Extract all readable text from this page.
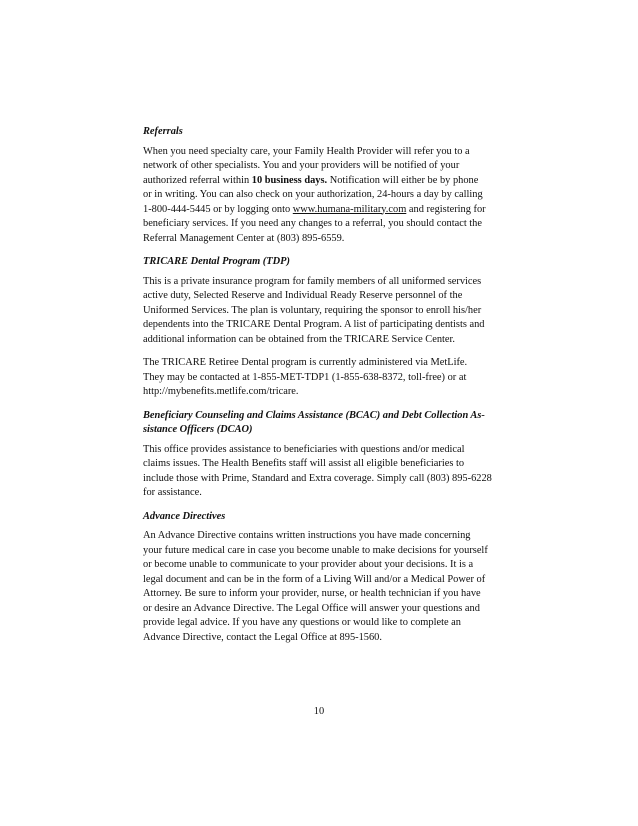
Referrals
When you need specialty care, your Family Health Provider will refer you to a
network of other specialists. You and your providers will be notified of your
authorized referral within 10 business days. Notification will either be by phone
or in writing. You can also check on your authorization, 24-hours a day by calling
1-800-444-5445 or by logging onto www.humana-military.com and registering for
beneficiary services. If you need any changes to a referral, you should contact the
Referral Management Center at (803) 895-6559.
TRICARE Dental Program (TDP)
This is a private insurance program for family members of all uniformed services
active duty, Selected Reserve and Individual Ready Reserve personnel of the
Uniformed Services. The plan is voluntary, requiring the sponsor to enroll his/her
dependents into the TRICARE Dental Program. A list of participating dentists and
additional information can be obtained from the TRICARE Service Center.
The TRICARE Retiree Dental program is currently administered via MetLife.
They may be contacted at 1-855-MET-TDP1 (1-855-638-8372, toll-free) or at
http://mybenefits.metlife.com/tricare.
Beneficiary Counseling and Claims Assistance (BCAC) and Debt Collection As-
sistance Officers (DCAO)
This office provides assistance to beneficiaries with questions and/or medical
claims issues. The Health Benefits staff will assist all eligible beneficiaries to
include those with Prime, Standard and Extra coverage. Simply call (803) 895-6228
for assistance.
Advance Directives
An Advance Directive contains written instructions you have made concerning
your future medical care in case you become unable to make decisions for yourself
or become unable to communicate to your provider about your decisions. It is a
legal document and can be in the form of a Living Will and/or a Medical Power of
Attorney. Be sure to inform your provider, nurse, or health technician if you have
or desire an Advance Directive. The Legal Office will answer your questions and
provide legal advice. If you have any questions or would like to complete an
Advance Directive, contact the Legal Office at 895-1560.
10
